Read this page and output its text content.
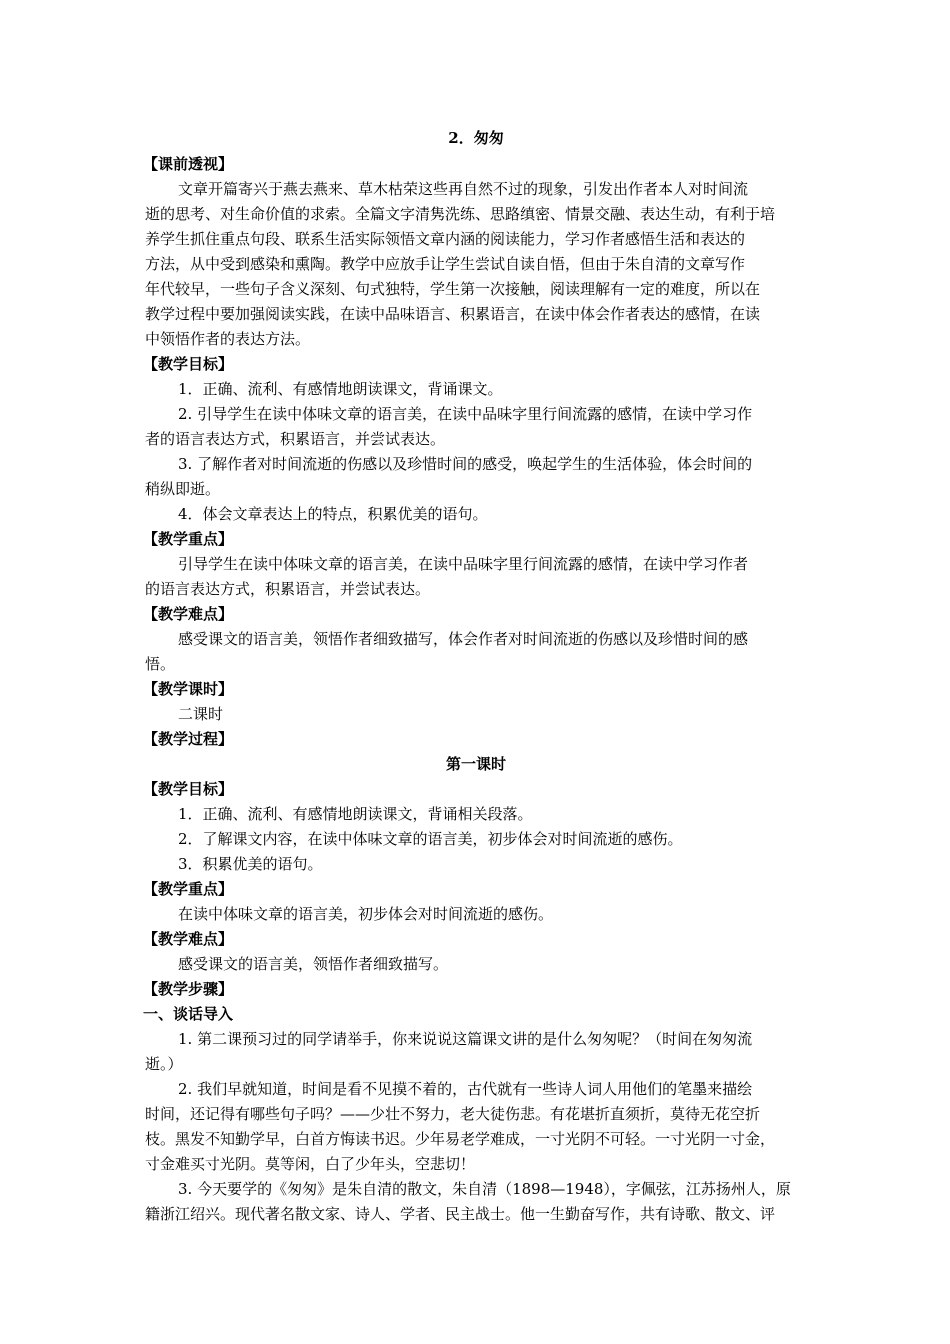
2．匆匆
【课前透视】
文章开篇寄兴于燕去燕来、草木枯荣这些再自然不过的现象，引发出作者本人对时间流
逝的思考、对生命价值的求索。全篇文字清隽洗练、思路缜密、情景交融、表达生动，有利于培
养学生抓住重点句段、联系生活实际领悟文章内涵的阅读能力，学习作者感悟生活和表达的
方法，从中受到感染和熏陶。教学中应放手让学生尝试自读自悟，但由于朱自清的文章写作
年代较早，一些句子含义深刻、句式独特，学生第一次接触，阅读理解有一定的难度，所以在
教学过程中要加强阅读实践，在读中品味语言、积累语言，在读中体会作者表达的感情，在读
中领悟作者的表达方法。
【教学目标】
1．正确、流利、有感情地朗读课文，背诵课文。
2. 引导学生在读中体味文章的语言美，在读中品味字里行间流露的感情，在读中学习作
者的语言表达方式，积累语言，并尝试表达。
3. 了解作者对时间流逝的伤感以及珍惜时间的感受，唤起学生的生活体验，体会时间的
稍纵即逝。
4．体会文章表达上的特点，积累优美的语句。
【教学重点】
引导学生在读中体味文章的语言美，在读中品味字里行间流露的感情，在读中学习作者
的语言表达方式，积累语言，并尝试表达。
【教学难点】
感受课文的语言美，领悟作者细致描写，体会作者对时间流逝的伤感以及珍惜时间的感
悟。
【教学课时】
二课时
【教学过程】
第一课时
【教学目标】
1．正确、流利、有感情地朗读课文，背诵相关段落。
2．了解课文内容，在读中体味文章的语言美，初步体会对时间流逝的感伤。
3．积累优美的语句。
【教学重点】
在读中体味文章的语言美，初步体会对时间流逝的感伤。
【教学难点】
感受课文的语言美，领悟作者细致描写。
【教学步骤】
一、谈话导入
1. 第二课预习过的同学请举手，你来说说这篇课文讲的是什么匆匆呢？（时间在匆匆流
逝。）
2. 我们早就知道，时间是看不见摸不着的，古代就有一些诗人词人用他们的笔墨来描绘
时间，还记得有哪些句子吗？——少壮不努力，老大徒伤悲。有花堪折直须折，莫待无花空折
枝。黑发不知勤学早，白首方悔读书迟。少年易老学难成，一寸光阴不可轻。一寸光阴一寸金，
寸金难买寸光阴。莫等闲，白了少年头，空悲切！
3. 今天要学的《匆匆》是朱自清的散文，朱自清（1898—1948），字佩弦，江苏扬州人，原
籍浙江绍兴。现代著名散文家、诗人、学者、民主战士。他一生勤奋写作，共有诗歌、散文、评
